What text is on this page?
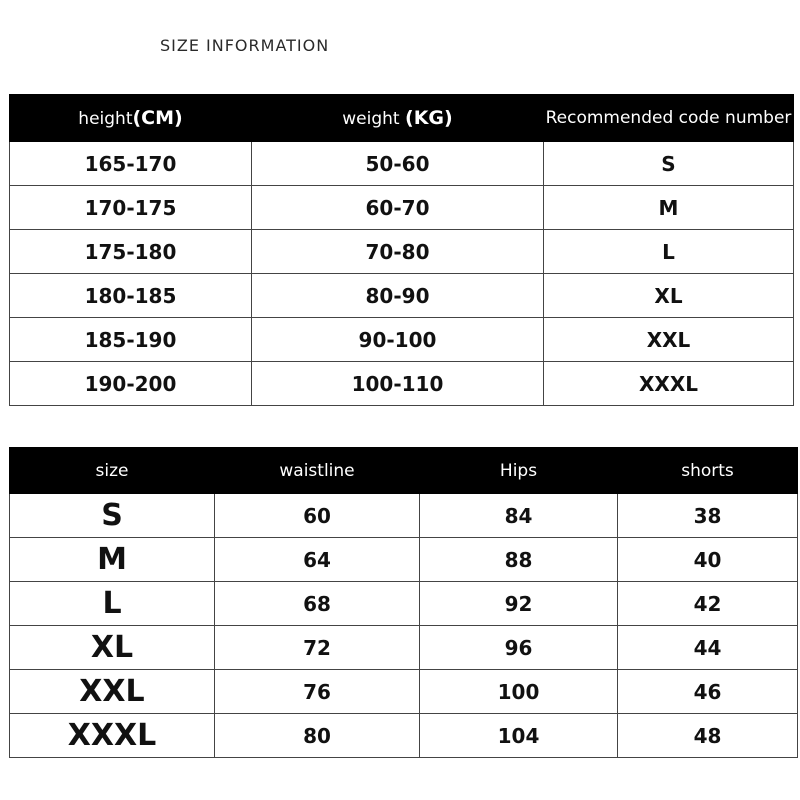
SIZE INFORMATION
height(CM)	weight (KG)	Recommended code number
165-170	50-60	S
170-175	60-70	M
175-180	70-80	L
180-185	80-90	XL
185-190	90-100	XXL
190-200	100-110	XXXL
size	waistline	Hips	shorts
S	60	84	38
M	64	88	40
L	68	92	42
XL	72	96	44
XXL	76	100	46
XXXL	80	104	48
